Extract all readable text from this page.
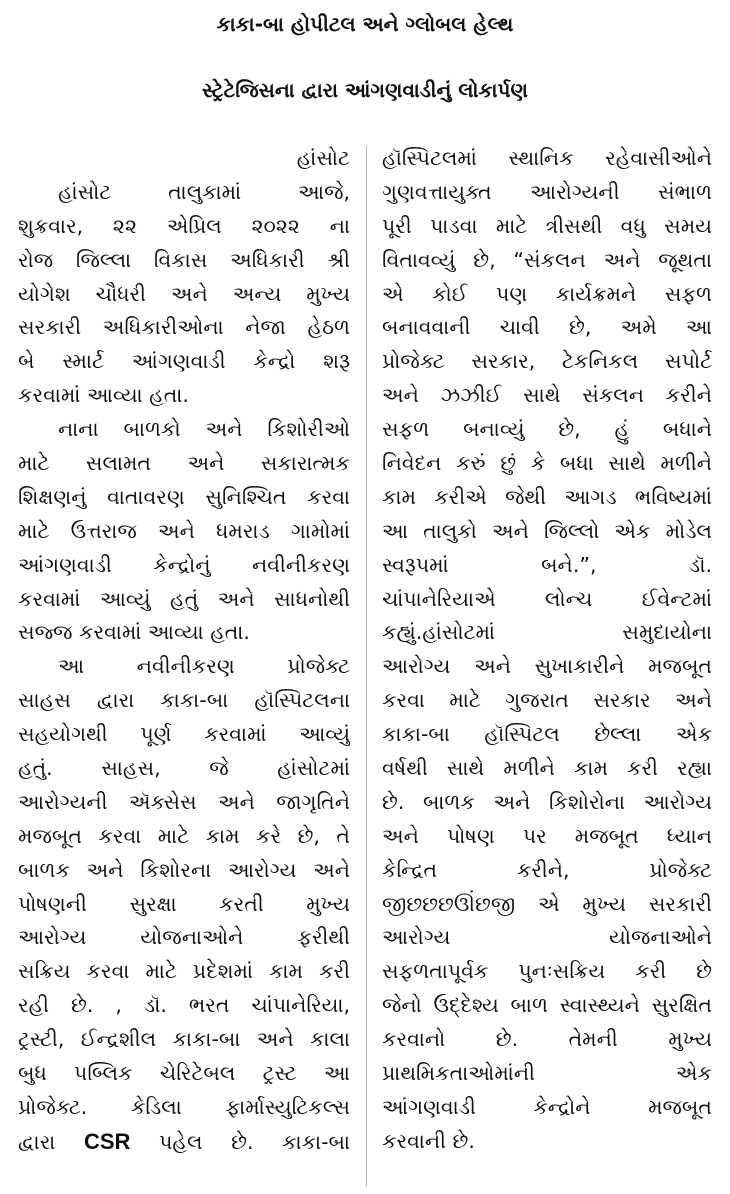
કાકા-બા હોપીટલ અને ગ્લોબલ હેલ્થ
સ્ટ્રેટેજિસના દ્વારા આંગણવાડીનું લોકાર્પણ
હાંસોટ
હાંસોટ તાલુકામાં આજે,
શુક્રવાર, ૨૨ એપ્રિલ ૨૦૨૨ ના
રોજ જિલ્લા વિકાસ અધિકારી શ્રી
યોગેશ ચૌધરી અને અન્ય મુખ્ય
સરકારી અધિકારીઓના નેજા હેઠળ
બે સ્માર્ટ આંગણવાડી કેન્દ્રો શરૂ
કરવામાં આવ્યા હતા.
નાના બાળકો અને કિશોરીઓ
માટે સલામત અને સકારાત્મક
શિક્ષણનું વાતાવરણ સુનિશ્ચિત કરવા
માટે ઉત્તરાજ અને ધમરાડ ગામોમાં
આંગણવાડી કેન્દ્રોનું નવીનીકરણ
કરવામાં આવ્યું હતું અને સાધનોથી
સજ્જ કરવામાં આવ્યા હતા.
આ નવીનીકરણ પ્રોજેક્ટ
સાહસ દ્વારા કાકા-બા હૉસ્પિટલના
સહયોગથી પૂર્ણ કરવામાં આવ્યું
હતું. સાહસ, જે હાંસોટમાં
આરોગ્યની ઍક્સેસ અને જાગૃતિને
મજબૂત કરવા માટે કામ કરે છે, તે
બાળક અને કિશોરના આરોગ્ય અને
પોષણની સુરક્ષા કરતી મુખ્ય
આરોગ્ય યોજનાઓને ફરીથી
સક્રિય કરવા માટે પ્રદેશમાં કામ કરી
રહી છે. , ડૉ. ભરત ચાંપાનેરિયા,
ટ્રસ્ટી, ઈન્દ્રશીલ કાકા-બા અને કાલા
બુધ પબ્લિક ચેરિટેબલ ટ્રસ્ટ આ
પ્રોજેક્ટ. કેડિલા ફાર્માસ્યુટિકલ્સ
દ્વારા CSR પહેલ છે. કાકા-બા
હૉસ્પિટલમાં સ્થાનિક રહેવાસીઓને
ગુણવત્તાયુક્ત આરોગ્યની સંભાળ
પૂરી પાડવા માટે ત્રીસથી વધુ સમય
વિતાવવ્યું છે, “સંકલન અને જૂથતા
એ કોઈ પણ કાર્યક્રમને સફળ
બનાવવાની ચાવી છે, અમે આ
પ્રોજેક્ટ સરકાર, ટેકનિકલ સપોર્ટ
અને ઝઝીઈ સાથે સંકલન કરીને
સફળ બનાવ્યું છે, હું બધાને
નિવેદન કરું છું કે બધા સાથે મળીને
કામ કરીએ જેથી આગડ ભવિષ્યમાં
આ તાલુકો અને જિલ્લો એક મોડેલ
સ્વરૂપમાં બને.”, ડૉ.
ચાંપાનેરિયાએ લોન્ચ ઈવેન્ટમાં
કહ્યું.હાંસોટમાં સમુદાયોના
આરોગ્ય અને સુખાકારીને મજબૂત
કરવા માટે ગુજરાત સરકાર અને
કાકા-બા હૉસ્પિટલ છેલ્લા એક
વર્ષથી સાથે મળીને કામ કરી રહ્યા
છે. બાળક અને કિશોરોના આરોગ્ય
અને પોષણ પર મજબૂત ધ્યાન
કેન્દ્રિત કરીને, પ્રોજેક્ટ
જીછછછઊંછજી એ મુખ્ય સરકારી
આરોગ્ય યોજનાઓને
સફળતાપૂર્વક પુનઃસક્રિય કરી છે
જેનો ઉદ્દેશ્ય બાળ સ્વાસ્થ્યને સુરક્ષિત
કરવાનો છે. તેમની મુખ્ય
પ્રાથમિકતાઓમાંની એક
આંગણવાડી કેન્દ્રોને મજબૂત
કરવાની છે.
